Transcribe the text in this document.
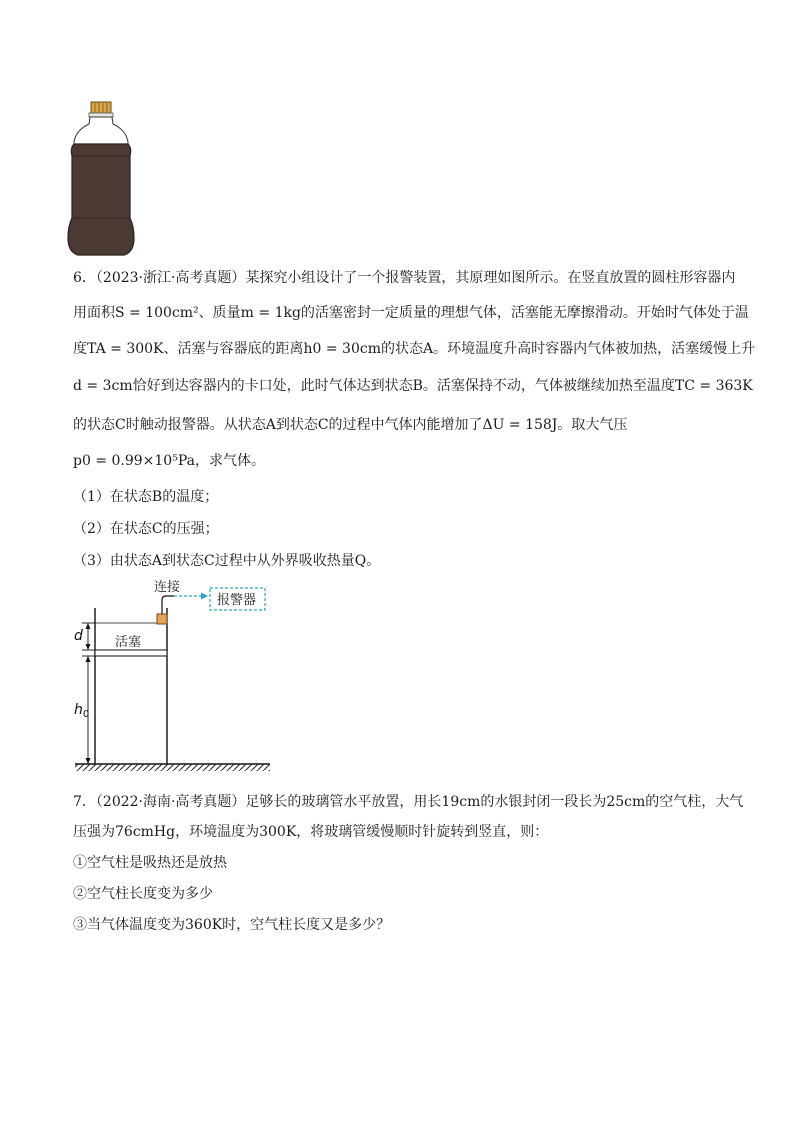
6．（2023·浙江·高考真题）某探究小组设计了一个报警装置，其原理如图所示。在竖直放置的圆柱形容器内
用面积S = 100cm²、质量m = 1kg的活塞密封一定质量的理想气体，活塞能无摩擦滑动。开始时气体处于温
度TA = 300K、活塞与容器底的距离h0 = 30cm的状态A。环境温度升高时容器内气体被加热，活塞缓慢上升
d = 3cm恰好到达容器内的卡口处，此时气体达到状态B。活塞保持不动，气体被继续加热至温度TC = 363K
的状态C时触动报警器。从状态A到状态C的过程中气体内能增加了ΔU = 158J。取大气压
p0 = 0.99×10⁵Pa，求气体。
（1）在状态B的温度；
（2）在状态C的压强；
（3）由状态A到状态C过程中从外界吸收热量Q。
活塞
连接
报警器
d
$h_0$
7．（2022·海南·高考真题）足够长的玻璃管水平放置，用长19cm的水银封闭一段长为25cm的空气柱，大气
压强为76cmHg，环境温度为300K，将玻璃管缓慢顺时针旋转到竖直，则：
①空气柱是吸热还是放热
②空气柱长度变为多少
③当气体温度变为360K时，空气柱长度又是多少？
